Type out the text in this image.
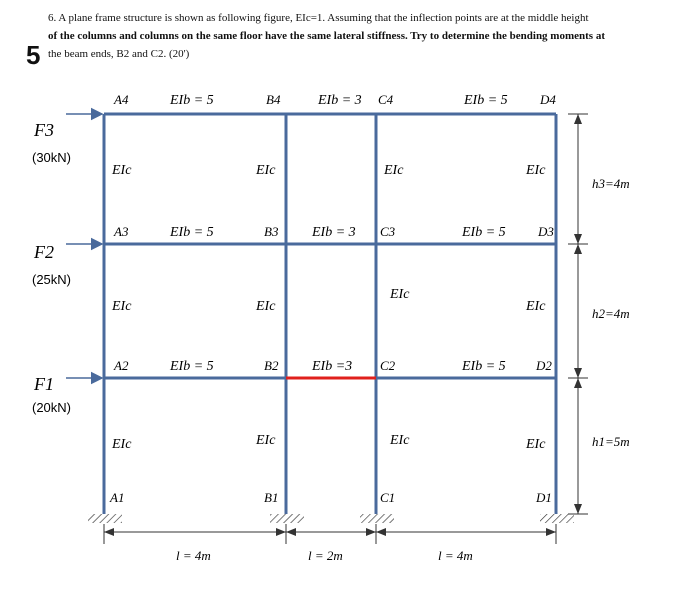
5
6. A plane frame structure is shown as following figure, EIc=1. Assuming that the inflection points are at the middle height
of the columns and columns on the same floor have the same lateral stiffness. Try to determine the bending moments at
the beam ends, B2 and C2. (20')
F3
(30kN)
F2
(25kN)
F1
(20kN)
A4	B4	C4	D4
A3	B3	C3	D3
A2	B2	C2	D2
A1	B1	C1	D1
EIb = 5	EIb = 3	EIb = 5
EIb = 5	EIb = 3	EIb = 5
EIb = 5	EIb =3	EIb = 5
EIc	EIc	EIc	EIc
EIc	EIc
EIc
EIc
EIc	EIc	EIc	EIc
h3=4m
h2=4m
h1=5m
l = 4m	l = 2m	l = 4m
